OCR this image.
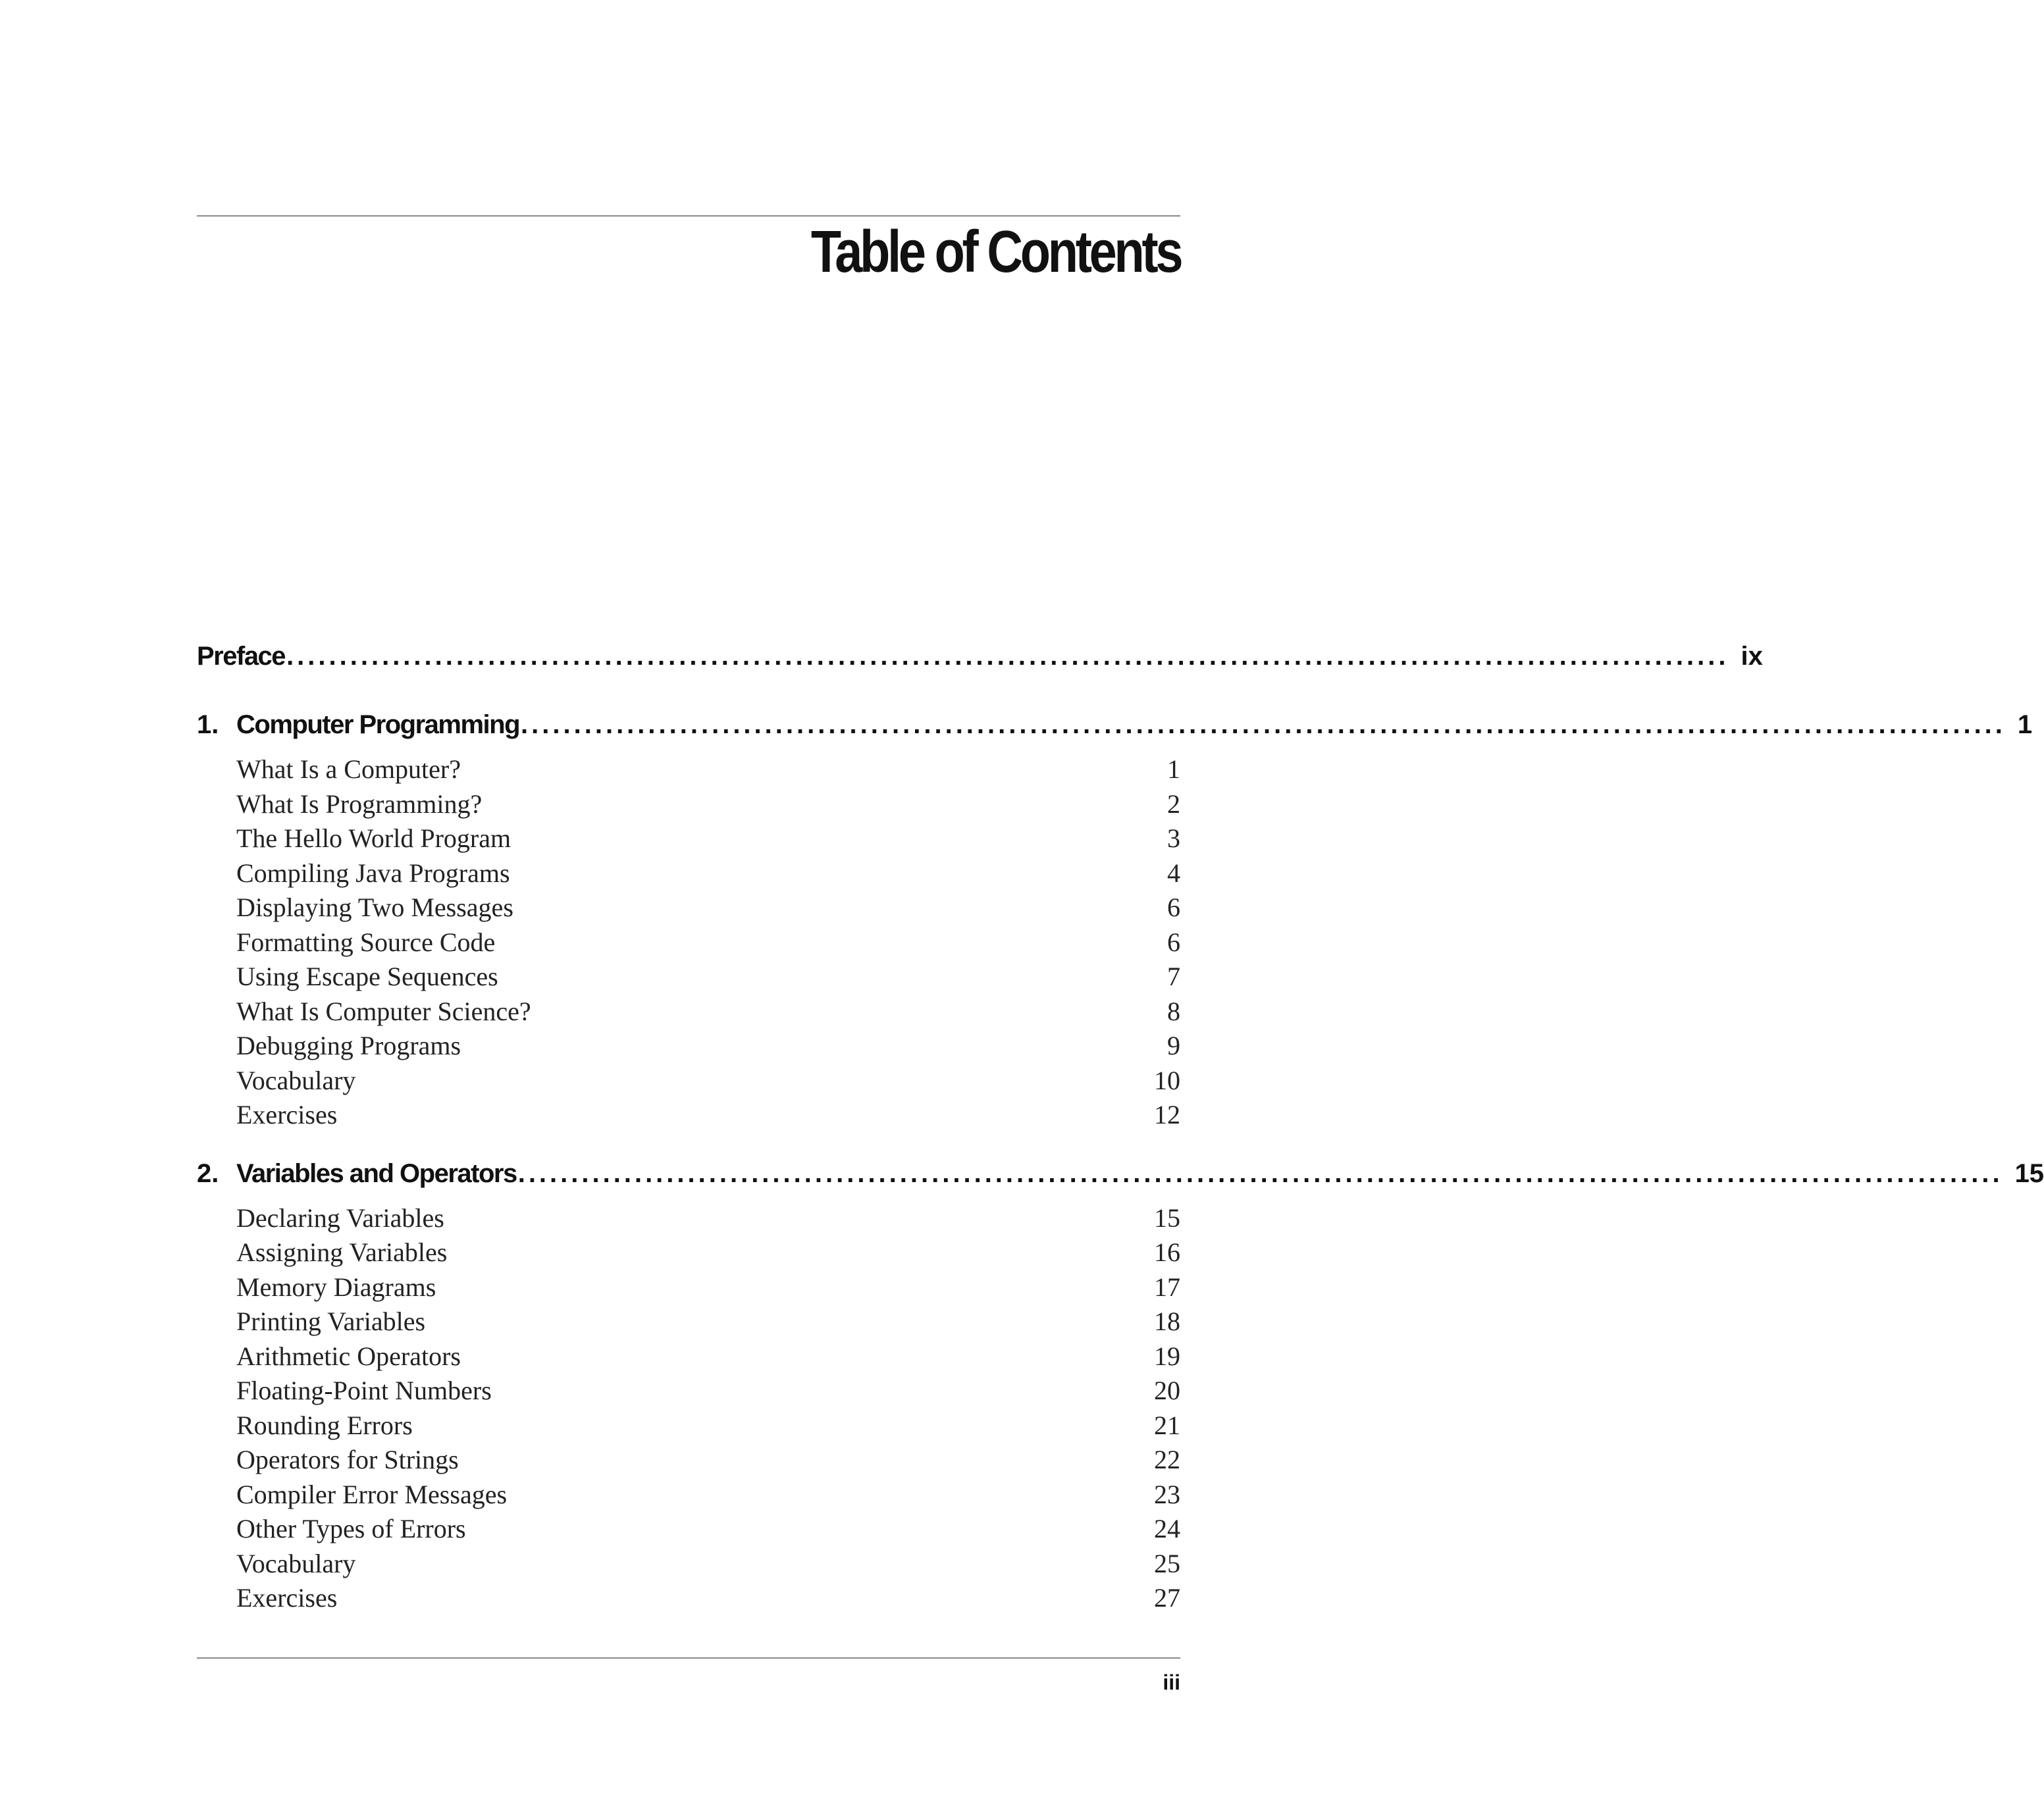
Table of Contents
Preface ........................................................................................................................................ ix
1. Computer Programming ............................................................................................................................................ 1
What Is a Computer?	1
What Is Programming?	2
The Hello World Program	3
Compiling Java Programs	4
Displaying Two Messages	6
Formatting Source Code	6
Using Escape Sequences	7
What Is Computer Science?	8
Debugging Programs	9
Vocabulary	10
Exercises	12
2. Variables and Operators ............................................................................................................................................ 15
Declaring Variables	15
Assigning Variables	16
Memory Diagrams	17
Printing Variables	18
Arithmetic Operators	19
Floating-Point Numbers	20
Rounding Errors	21
Operators for Strings	22
Compiler Error Messages	23
Other Types of Errors	24
Vocabulary	25
Exercises	27
iii
